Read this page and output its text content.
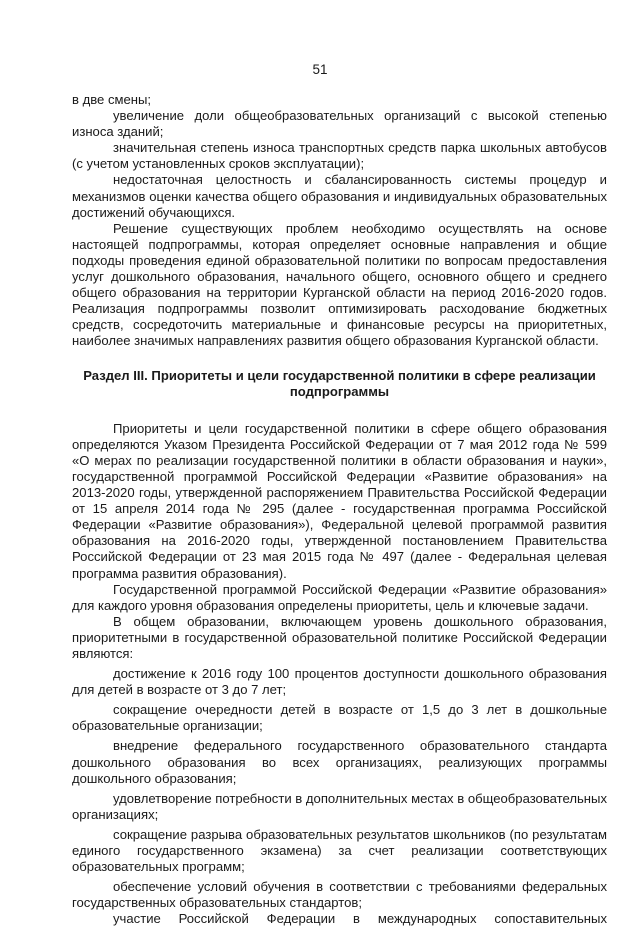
51

в две смены;

увеличение доли общеобразовательных организаций с высокой степенью износа зданий;

значительная степень износа транспортных средств парка школьных автобусов (с учетом установленных сроков эксплуатации);

недостаточная целостность и сбалансированность системы процедур и механизмов оценки качества общего образования и индивидуальных образовательных достижений обучающихся.

Решение существующих проблем необходимо осуществлять на основе настоящей подпрограммы, которая определяет основные направления и общие подходы проведения единой образовательной политики по вопросам предоставления услуг дошкольного образования, начального общего, основного общего и среднего общего образования на территории Курганской области на период 2016-2020 годов. Реализация подпрограммы позволит оптимизировать расходование бюджетных средств, сосредоточить материальные и финансовые ресурсы на приоритетных, наиболее значимых направлениях развития общего образования Курганской области.

Раздел III. Приоритеты и цели государственной политики в сфере реализации подпрограммы

Приоритеты и цели государственной политики в сфере общего образования определяются Указом Президента Российской Федерации от 7 мая 2012 года № 599 «О мерах по реализации государственной политики в области образования и науки», государственной программой Российской Федерации «Развитие образования» на 2013-2020 годы, утвержденной распоряжением Правительства Российской Федерации от 15 апреля 2014 года № 295 (далее - государственная программа Российской Федерации «Развитие образования»), Федеральной целевой программой развития образования на 2016-2020 годы, утвержденной постановлением Правительства Российской Федерации от 23 мая 2015 года № 497 (далее - Федеральная целевая программа развития образования).

Государственной программой Российской Федерации «Развитие образования» для каждого уровня образования определены приоритеты, цель и ключевые задачи.

В общем образовании, включающем уровень дошкольного образования, приоритетными в государственной образовательной политике Российской Федерации являются:

достижение к 2016 году 100 процентов доступности дошкольного образования для детей в возрасте от 3 до 7 лет;

сокращение очередности детей в возрасте от 1,5 до 3 лет в дошкольные образовательные организации;

внедрение федерального государственного образовательного стандарта дошкольного образования во всех организациях, реализующих программы дошкольного образования;

удовлетворение потребности в дополнительных местах в общеобразовательных организациях;

сокращение разрыва образовательных результатов школьников (по результатам единого государственного экзамена) за счет реализации соответствующих образовательных программ;

обеспечение условий обучения в соответствии с требованиями федеральных государственных образовательных стандартов;

участие Российской Федерации в международных сопоставительных
